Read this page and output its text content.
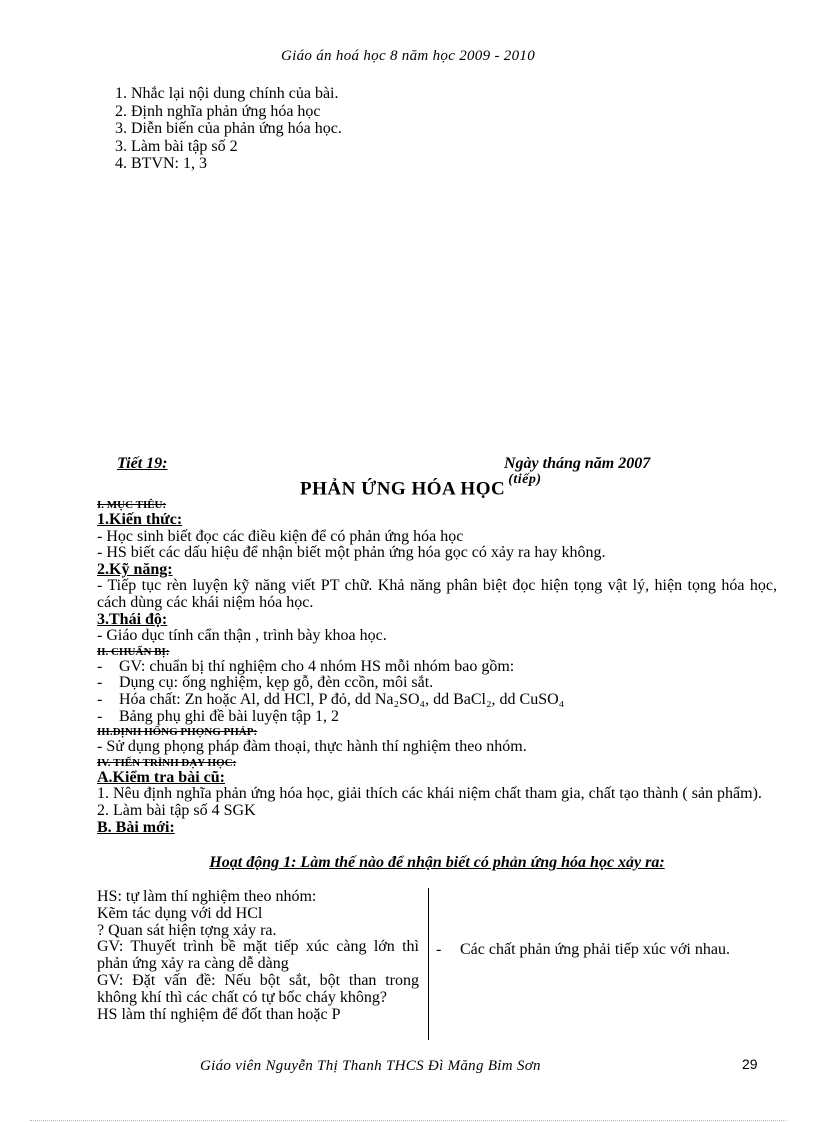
Giáo án hoá học 8 năm học 2009 - 2010
1. Nhắc lại nội dung chính của bài.
2. Định nghĩa phản ứng hóa học
3. Diễn biến của phản ứng hóa học.
3. Làm bài tập số 2
4. BTVN: 1, 3
Tiết 19:	Ngày tháng năm 2007
PHẢN ỨNG HÓA HỌC $^{(tiếp)}$
I. MỤC TIÊU:
1.Kiến thức:
- Học sinh biết đọc các điều kiện để có phản ứng hóa học
- HS biết các dấu hiệu để nhận biết một phản ứng hóa gọc có xảy ra hay không.
2.Kỹ năng:
- Tiếp tục rèn luyện kỹ năng viết PT chữ. Khả năng phân biệt đọc hiện tọng vật lý, hiện tọng hóa học, cách dùng các khái niệm hóa học.
3.Thái độ:
- Giáo dục tính cẩn thận , trình bày khoa học.
II. CHUẨN BỊ:
- GV: chuẩn bị thí nghiệm cho 4 nhóm HS mỗi nhóm bao gồm:
- Dụng cụ: ống nghiệm, kẹp gỗ, đèn ccồn, môi sắt.
- Hóa chất: Zn hoặc Al, dd HCl, P đỏ, dd Na₂SO₄, dd BaCl₂, dd CuSO₄
- Bảng phụ ghi đề bài luyện tập 1, 2
III.ĐỊNH HỐNG PHỌNG PHÁP:
- Sử dụng phọng pháp đàm thoại, thực hành thí nghiệm theo nhóm.
IV. TIẾN TRÌNH DẠY HỌC:
A.Kiểm tra bài cũ:
1. Nêu định nghĩa phản ứng hóa học, giải thích các khái niệm chất tham gia, chất tạo thành ( sản phẩm).
2. Làm bài tập số 4 SGK
B. Bài mới:
Hoạt động 1: Làm thế nào để nhận biết có phản ứng hóa học xảy ra:
HS: tự làm thí nghiệm theo nhóm:
Kẽm tác dụng với dd HCl
? Quan sát hiện tợng xảy ra.
GV: Thuyết trình bề mặt tiếp xúc càng lớn thì phản ứng xảy ra càng dễ dàng
GV: Đặt vấn đề: Nếu bột sắt, bột than trong không khí thì các chất có tự bốc cháy không?
HS làm thí nghiệm để đốt than hoặc P
- Các chất phản ứng phải tiếp xúc với nhau.
Giáo viên Nguyễn Thị Thanh THCS Đì Măng Bỉm Sơn	29
